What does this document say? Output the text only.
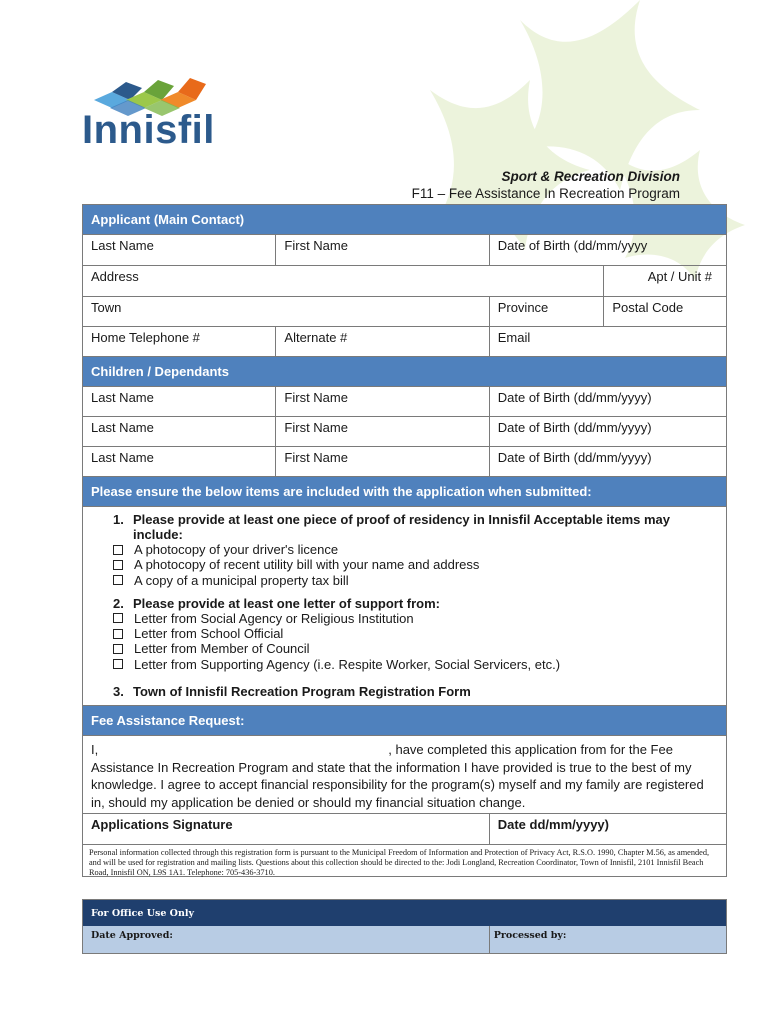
Innisfil
Sport & Recreation Division
F11 – Fee Assistance In Recreation Program
Applicant (Main Contact)
Last Name	First Name	Date of Birth (dd/mm/yyyy
Address	Apt / Unit #
Town	Province	Postal Code
Home Telephone #	Alternate #	Email
Children / Dependants
Last Name	First Name	Date of Birth (dd/mm/yyyy)
Last Name	First Name	Date of Birth (dd/mm/yyyy)
Last Name	First Name	Date of Birth (dd/mm/yyyy)
Please ensure the below items are included with the application when submitted:
1. Please provide at least one piece of proof of residency in Innisfil Acceptable items may
include:
A photocopy of your driver's licence
A photocopy of recent utility bill with your name and address
A copy of a municipal property tax bill
2. Please provide at least one letter of support from:
Letter from Social Agency or Religious Institution
Letter from School Official
Letter from Member of Council
Letter from Supporting Agency (i.e. Respite Worker, Social Servicers, etc.)
3. Town of Innisfil Recreation Program Registration Form
Fee Assistance Request:
I,	, have completed this application from for the Fee Assistance In Recreation Program and state that the information I have provided is true to the best of my knowledge. I agree to accept financial responsibility for the program(s) myself and my family are registered in, should my application be denied or should my financial situation change.
Applications Signature	Date dd/mm/yyyy)
Personal information collected through this registration form is pursuant to the Municipal Freedom of Information and Protection of Privacy Act, R.S.O. 1990, Chapter M.56, as amended, and will be used for registration and mailing lists. Questions about this collection should be directed to the: Jodi Longland, Recreation Coordinator, Town of Innisfil, 2101 Innisfil Beach Road, Innisfil ON, L9S 1A1. Telephone: 705-436-3710.
For Office Use Only
Date Approved:	Processed by:
